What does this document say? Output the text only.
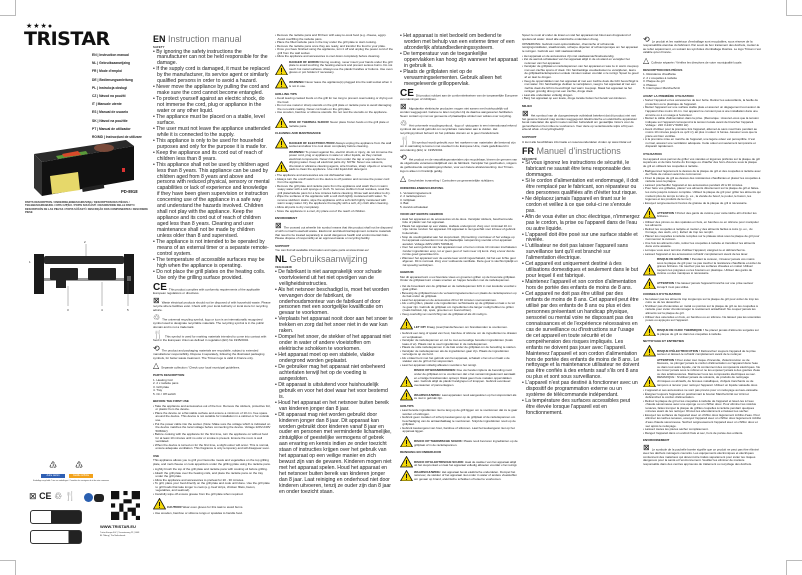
★★★●
TRISTAR
EN | Instruction manual
NL | Gebruiksaanwijzing
FR | Mode d'emploi
DE | Bedienungsanleitung
PL | Instrukcja obsługi
CZ | Návod na použití
IT | Manuale utente
ES | Manual de usuario
SK | Návod na použitie
PT | Manual de utilizador
RO/MD | Instrucțiuni de utilizare
PD-8918
PARTS DESCRIPTION / ONDERDELENBESCHRIJVING / DESCRIPTION DES PIÈCES / TEILEBESCHREIBUNG / OPIS CZĘŚCI / POPIS SOUČÁSTÍ / DESCRIZIONE DELLE PARTI / DESCRIPCIÓN DE LAS PIEZAS / POPIS SÚČASTÍ / DESCRIÇÃO DOS COMPONENTES / DESCRIERE PIESE
1
2
3	4	5
♳ ♳
Autre carton	Caddie & Boîte
Emballage recyclable. Triez vos emballages / Consultez les consignes de tri de votre commune
⊠ CE ♲ 🍴
WWW.TRISTAR.EU
Tristar Europe B.V. | Tramsteeweg 22 | 5048 BL Tilburg | The Netherlands
EN Instruction manual
SAFETY
• By ignoring the safety instructions the manufacturer can not be held responsible for the damage.
• If the supply cord is damaged, it must be replaced by the manufacturer, its service agent or similarly qualified persons in order to avoid a hazard.
• Never move the appliance by pulling the cord and make sure the cord cannot become entangled.
• To protect yourself against an electric shock, do not immerse the cord, plug or appliance in the water or any other liquid.
• The appliance must be placed on a stable, level surface.
• The user must not leave the appliance unattended while it is connected to the supply.
• This appliance is only to be used for household purposes and only for the purpose it is made for.
• Keep the appliance and its cord out of reach of children less than 8 years.
• This appliance shall not be used by children aged less than 8 years. This appliance can be used by children aged from 8 years and above and persons with reduced physical, sensory or mental capabilities or lack of experience and knowledge if they have been given supervision or instruction concerning use of the appliance in a safe way and understand the hazards involved. Children shall not play with the appliance. Keep the appliance and its cord out of reach of children aged less than 8 years. Cleaning and user maintenance shall not be made by children unless older than 8 and supervised.
• The appliance is not intended to be operated by means of an external timer or a separate remote-control system.
• The temperature of accessible surfaces may be high when the appliance is operating.
• Do not place the grill plates on the heating coils. Use only the grilling surface provided.
CE This product complies with conformity requirements of the applicable European regulations or directives.
⊠ Waste electrical products should not be disposed of with household waste. Please recycle where facilities exist. Check with your local Authority or local store for recycling advice.
♲ The universal recycling symbol, logo or icon is an internationally recognized symbol used to designate recyclable materials. The recycling symbol is in the public domain and is not a trademark.
🍴 This symbol is used for marking materials intended to come into contact with food in the European Union as defined in regulation (EC) No 1935/2004.
⟲ The product and packaging materials are recyclable, subject to extended manufacturer responsibility. Dispose it separately, following the illustrated packaging symbols, for better waste treatment. The Triman logo is valid in France only.
△ Separate collection / Check your local municipal guidelines.
PARTS DESCRIPTION
1. Heating Coil
2. 2 x raclette pans
3. Grill plate
4. Tray
5. On / Off switch
BEFORE THE FIRST USE
• Take the appliance and accessories out of the box. Remove the stickers, protective foil, or plastic from the device.
• Place the device on a flat stable surface and ensure a minimum of 10 cm. free space around the device. This device is not suitable for installation in a cabinet or for outside use.
• Put the power cable into the socket. (Note: Make sure the voltage which is indicated on the device matches the local voltage before connecting the device. Voltage 220V-240V 50/60Hz)
• Before cooking with the appliance for the first time, turn the appliance on without food for at least 10 minutes until no odor or smoke is present. Ensure the room is well ventilated.
• When the device is turned on for the first time, a slight odour will occur. This is normal, ensure adequate ventilation. This fragrance is only temporary and will disappear soon.
USE

This appliance allows you to grill your favourite meats and vegetables on the top grilling plate, and melt cheese or cook appetizers under the grilling plate using the raclette pans.

• Lightly brush the top of the grill plate and raclette pans with cooking oil before grilling.
• Attach the grill plate over the heating coils, and place the raclette pans on the tray under the grill plate.
• Allow the appliance and accessories to preheat for 20 - 30 minutes.
• To grill, place your food directly on the grill plate and cook until done. Use the grill plate to grill foods that take longer to cook (e.g. beef strips, chicken fillets, bacon, vegetables, and seafood).
• Carefully wipe off excess grease from the grill plate when required.
CAUTION! Wear oven gloves for this task to avoid burns.
• Use wooden, bamboo or silicone tongs or spatulas to handle food.
• Remove the raclette pans and fill them with easy-to-cook food (e.g. cheese, eggs). Avoid overfilling the raclette pans.
• Place the filled raclette pans in the tray under the grill plate to start cooking.
• Remove the raclette pans once they are ready, and transfer the food to your plate.
• Once you have finished using the appliance, turn it off and unplug the power cord of the grill from the wall socket.
• Allow the appliance and accessories to cool down completely before cleaning.
DANGER OF BURNS! During cooking, never insert your hands under the grill plate to avoid touching the heating element and prevent serious burns. Do not touch hot metal surfaces. Always use the plastic handles or buttons. Use oven gloves or pot holders if necessary.
WARNING! Never leave the appliance(s) plugged into the wall socket when it is not in use.
GRILLING TIPS
• Avoid leaving cooked foods on the grill for too long to prevent overcooking or drying out the food.
• Do not use metal or sharp utensils on the grill plate or raclette pans to avoid damaging the non-stick coating. Never cut foods on the grill plate.
• Use wooden, bamboo or silicone utensils. Do not rest the utensils on the appliance.
RISK OF THERMAL SHOCK! Never place frozen foods on the grill plate or raclette pans.
CLEANING AND MAINTENANCE
DANGER OF ELECTROCUTION! Always unplug the appliance from the wall socket and allow it to cool down completely before cleaning.
WARNING! To protect against fire, electric shock or injury, do not immerse the power cord, plug or appliance in water or other liquids, as they contain electrical components. Never rinse them under the tap or expose them to dripping water. Keep all electrical parts dry. NOTE: Never use solvents, chemical or abrasive cleaning agents, wire brushes, sharp objects or scouring pads to clean the appliance. Use mild liquid dish detergent.
• The appliance and accessories are not dishwasher safe.
• Always turn the on/off switch on the device to off position and remove the power cord from the appliance.
• Remove the grill plate and raclette pans from the appliance and wash them in warm soapy water with a soft sponge or cloth. To remove stubborn food residues, soak the grill plate/raclette pans for a few minutes before cleaning. Rinse well and allow to dry.
• Wipe the surfaces of the appliance with a soft cloth lightly moistened with water. To remove stubborn stains, wipe the appliance with a soft cloth lightly moistened with warm soapy water. Dry the appliance thoroughly with a soft, dry cloth after cleaning.
• Allow all parts to dry completely.
• Store the appliance in a cool, dry place out of the reach of children.
ENVIRONMENT
⊠ The crossed out wheelie bin symbol means that this product shall not be disposed of with normal household waste. Electronic and Electrical Equipment contains materials that need to be treated separately to avoid dangerous health and environmental risks. Please dispose of responsibly at an approved waste or recycling facility.
SUPPORT

You can find all available information and spare parts at www.tristar.eu!

NL Gebruiksaanwijzing
VEILIGHEID
• De fabrikant is niet aansprakelijk voor schade voortvloeiend uit het niet opvolgen van de veiligheidsinstructies.
• Als het netsnoer beschadigd is, moet het worden vervangen door de fabrikant, de onderhoudsmonteur van de fabrikant of door personen met een soortgelijke kwalificatie om gevaar te voorkomen.
• Verplaats het apparaat nooit door aan het snoer te trekken en zorg dat het snoer niet in de war kan raken.
• Dompel het snoer, de stekker of het apparaat niet onder in water of andere vloeistoffen om elektrische schokken te voorkomen.
• Het apparaat moet op een stabiele, vlakke ondergrond worden geplaatst.
• De gebruiker mag het apparaat niet onbeheerd achterlaten terwijl het op de voeding is aangesloten.
• Dit apparaat is uitsluitend voor huishoudelijk gebruik en voor het doel waar het voor bestemd is.
• Houd het apparaat en het netsnoer buiten bereik van kinderen jonger dan 8 jaar.
• Dit apparaat mag niet worden gebruikt door kinderen jonger dan 8 jaar. Dit apparaat kan worden gebruikt door kinderen vanaf 8 jaar en ouder en personen met verminderde lichamelijke, zintuiglijke of geestelijke vermogens of gebrek aan ervaring en kennis indien ze onder toezicht staan of instructies krijgen over het gebruik van het apparaat op een veilige manier en zich bewust zijn van de gevaren. Kinderen mogen niet met het apparaat spelen. Houd het apparaat en het netsnoer buiten bereik van kinderen jonger dan 8 jaar. Laat reiniging en onderhoud niet door kinderen uitvoeren, tenzij ze ouder zijn dan 8 jaar en onder toezicht staan.
• Het apparaat is niet bedoeld om bediend te worden met behulp van een externe timer of een afzonderlijk afstandbedieningssysteem.
• De temperatuur van de toegankelijke oppervlakken kan hoog zijn wanneer het apparaat in gebruik is.
• Plaats de grillplaten niet op de verwarmingselementen. Gebruik alleen het meegeleverde grilloppervlak.
CE Dit product voldoet aan de conformiteitseisen van de toepasselijke Europese verordeningen of richtlijnen.
⊠ Afgedankte elektrische producten mogen niet samen met huishoudelijk vuil worden weggegooid. Gelieve te laten recyclen bij de daartoe aangewezen faciliteiten. Neem contact op met uw gemeente of plaatselijke winkel voor advies over recycling.
♲ Het universele recyclingsymbool, -logo of -pictogram is een internationaal erkend symbool dat wordt gebruikt om recyclebare materialen aan te duiden. Het recyclingsymbool behoort tot het publieke domein en is geen handelsmerk.
🍴 Dit symbool wordt gebruikt voor het markeren van materialen die bestemd zijn om in aanraking te komen met voedsel in de Europese Unie, zoals gedefinieerd in verordening (EG) nr. 1935/2004.
⟲ Het product en de verpakkingsmaterialen zijn recyclebaar, binnen de grenzen van de uitgebreide verantwoordelijkheid van de fabrikant. Verwijder het gescheiden, volgens de geïllustreerde verpakkingssymbolen, voor een betere afvalverwerking. Het Triman-logo is alleen in Frankrijk geldig.
△ Gescheiden inzameling / Controleer uw gemeentelijke richtlijnen.
ONDERDELENBESCHRIJVING
1. Verwarmingselement
2. 2 raclettepannen
3. Grillplaat
4. Bak
5. Aan/uit-schakelaar
VOOR HET EERSTE GEBRUIK
• Haal het apparaat en de accessoires uit de doos. Verwijder stickers, beschermende folie of plastic van het apparaat.
• Plaats het apparaat op een vlakke, stabiele ondergrond. Zorg voor minimaal 10 cm vrije ruimte rondom het apparaat. Dit apparaat is niet geschikt voor inbouw of gebruik buitenshuis.
• Stop de voedingskabel aan het stopcontact. (Opmerking: controleer of het voltage op het apparaat overeenkomt met de plaatselijke netspanning voordat u het apparaat aansluit. Voltage 220V-240V 50/60Hz)
• Voor het eerst gebruik van het apparaat moet u het ten minste 10 minuten inschakelen zonder ingrediënten erop, tot er geen geur of rook meer vrij komt. Zorg ervoor dat de ruimte goed geventileerd is.
• Wanneer het apparaat voor de eerste keer wordt ingeschakeld, zal het een lichte geur afgeven. Dit is normaal. Zorg voor voldoende ventilatie. Deze geur is slechts tijdelijk en zal spoedig verdwijnen.
GEBRUIK

Met dit apparaat kunt u uw favoriete vlees en groenten grillen op de bovenste grillplaat. Onder de grillplaat kunt u kaas smelten en hapjes bereiden met de raclettepannen.

• Vet de bovenkant van de grillplaat en de raclettepannen licht in met kookolie voordat u gaat grillen.
• Bevestig de grillplaat boven de verwarmingselementen en plaats de raclettepannen op de bak onder de grillplaat.
• Laat het apparaat en de accessoires 20 tot 30 minuten voorverwarmen.
• Als u wilt grillen, plaatst u de ingrediënten rechtstreeks op de grillplaat en laat u ze tot ze gaar zijn. Gebruik de grillplaat om ingrediënten die langer nodig hebben te grillen (zoals biefstuk, kip, spek, groenten en zeevruchten).
• Veeg overtollig vet voorzichtig van de grillplaat af als dit nodig is.
LET OP! Draag (oven)handschoenen om brandwonden te voorkomen.
• Gebruik een tang of spatel van hout, bamboe of silicone om de ingrediënten te draaien en verplaatsen.
• Verwijder de raclettepannen en vul ze met eenvoudige bereiden ingrediënten (zoals kaas of ei). Plaats niet te veel ingrediënten in de raclettepannen.
• Plaats de volle raclettepannen in de bak onder de grillplaat om de bereiding te starten.
• Verwijder de raclettepannen als de ingrediënten gaar zijn. Plaats de ingrediënten vervolgens op uw bord.
• Als u klaar bent met het gebruik van het apparaat, schakelt u het uit en haalt u de stekker van de grill uit het stopcontact.
• Laat het apparaat volledig afkoelen voordat u het reinigt.
RISICO OP BRANDWONDEN: Doe uw handen tijdens de bereiding nooit onder de grillplaat om te voorkomen dat u het verwarmingselement aanraakt en ernstige brandwonden oploopt. Raak geen hete metalen oppervlakken aan. Gebruik altijd de plastic handgrepen of knoppen. Gebruik eventueel ovenwanten of pannenlappen.
WAARSCHUWING: Laat apparaten nooit aangesloten op het stopcontact als ze niet in gebruik zijn.
GRILTIPS
• Laat bereide ingrediënten niet te lang op de grill liggen om te voorkomen dat ze te gaar worden of uitdrogen.
• Gebruik geen metalen of scherp keukengerei op de grillplaat of de raclettepannen om beschadiging van de antiaanbaklaag te voorkomen. Snijd de ingrediënten nooit op de grillplaat.
• Gebruik keukengerei van hout, bamboe of siliconen. Laat het keukengerei niet op het apparaat liggen.
RISICO OP THERMISCHE SCHOK: Plaats nooit bevroren ingrediënten op de grillplaat of in de raclettepannen.
REINIGING EN ONDERHOUD
RISICO OP ELEKTRISCHE SCHOK: Haal de stekker van het apparaat altijd uit het stopcontact en laat het apparaat volledig afkoelen voordat u het reinigt.
WAARSCHUWING: Het apparaat bevat elektrische onderdelen. Dompel het netsnoer, de stekker of het apparaat niet onder in water of andere vloeistoffen om gevaar op brand, elektrische schokken of letsel te voorkomen.

Spoel ze nooit af onder de kraan en stel het apparaat niet bloot aan druppelend of spetterend water. Houd alle elektrische onderdelen droog.

OPMERKING: Gebruik nooit oplosmiddelen, chemische of schurende reinigingsmiddelen, staalborstels, scherpe objecten of schuursponsjes om het apparaat te reinigen. Gebruik een mild vaatwasmiddel.

• Het apparaat en de accessoires zijn niet vaatwasmachinebestendig.
• Zet de aan/uit-schakelaar van het apparaat altijd in de uit-stand en verwijder het netsnoer van het apparaat.
• Verwijder de grillplaat en raclettepannen van het apparaat en was ze in warm zeepsop met een zachte spons of doek. Om hardnekkige voedselresten te verwijderen, laat u de grillplaat/raclettepannen enkele minuten weken voordat u ze reinigt. Spoel ze goed af en laat ze drogen.
• Veeg de oppervlakken van het apparaat af met een zachte doek die licht bevochtigd is met water. Om hardnekkige vlekken te verwijderen, veegt u het apparaat af met een zachte doek die licht is bevochtigd met warm zeepsop. Maak het apparaat na het reinigen grondig droog met een zachte, droge doek.
• Laat alle onderdelen volledig drogen.
• Berg het apparaat op een koele, droge locatie buiten het bereik van kinderen.
MILIEU
⊠ Het symbool van de doorgestreepte vuilnisbak betekent dat dit product niet met het gewone huisvuil mag worden weggegooid. Elektronische en elektrische apparatuur bevat materialen die apart moeten worden behandeld om gevaarlijke risico's voor de gezondheid en het milieu te voorkomen. Voer deze op verantwoorde wijze af bij een erkend afval- of recyclingbedrijf.
SUPPORT

U kunt alle beschikbare informatie en reserveonderdelen vinden op www.tristar.eu!

FR Manuel d'instructions
SÉCURITÉ
• Si vous ignorez les instructions de sécurité, le fabricant ne saurait être tenu responsable des dommages.
• Si le cordon d'alimentation est endommagé, il doit être remplacé par le fabricant, son réparateur ou des personnes qualifiées afin d'éviter tout risque.
• Ne déplacez jamais l'appareil en tirant sur le cordon et veillez à ce que celui-ci ne s'enroule pas.
• Afin de vous éviter un choc électrique, n'immergez pas le cordon, la prise ou l'appareil dans de l'eau ou autre liquide.
• L'appareil doit être posé sur une surface stable et nivelée.
• L'utilisateur ne doit pas laisser l'appareil sans surveillance tant qu'il est branché sur l'alimentation électrique.
• Cet appareil est uniquement destiné à des utilisations domestiques et seulement dans le but pour lequel il est fabriqué.
• Maintenez l'appareil et son cordon d'alimentation hors de portée des enfants de moins de 8 ans.
• Cet appareil ne doit pas être utilisé par des enfants de moins de 8 ans. Cet appareil peut être utilisé par des enfants de 8 ans ou plus et des personnes présentant un handicap physique, sensoriel ou mental voire ne disposant pas des connaissances et de l'expérience nécessaires en cas de surveillance ou d'instructions sur l'usage de cet appareil en toute sécurité et de compréhension des risques impliqués. Les enfants ne doivent pas jouer avec l'appareil. Maintenez l'appareil et son cordon d'alimentation hors de portée des enfants de moins de 8 ans. Le nettoyage et la maintenance utilisateur ne doivent pas être confiés à des enfants sauf s'ils ont 8 ans ou plus et sont sous surveillance.
• L'appareil n'est pas destiné à fonctionner avec un dispositif de programmation externe ou un système de télécommande indépendant.
• La température des surfaces accessibles peut être élevée lorsque l'appareil est en fonctionnement.
⟲ Le produit et les matériaux d'emballage sont recyclables, sous réserve de la responsabilité étendue du fabricant. Par souci de bon traitement des déchets, mettez-le au rebut séparément, en suivant les symboles d'emballage illustrés. Le logo Triman n'est valable qu'en France.
△ Collecte séparée / Vérifiez les directives de votre municipalité locale.
DESCRIPTION DES PIÈCES
1. Résistance chauffante
2. 2 x coupelles à raclette
3. Plaque de gril
4. Plateau
5. Interrupteur Marche/Arrêt
AVANT LA PREMIÈRE UTILISATION
• Sortez l'appareil et les accessoires de leur boîte. Retirez les autocollants, la feuille de protection ou le plastique de l'appareil.
• Mettez l'appareil sur une surface stable plate et assurez un dégagement tout autour de l'appareil d'au moins 10 cm. Cet appareil ne convient pas à une installation dans une armoire ou à un usage à l'extérieur.
• Mettez le câble d'alimentation dans la prise. (Remarque : Assurez-vous que la tension indiquée sur l'appareil correspond à la tension locale avant de brancher l'appareil. Voltage : 220 V-240 V 50/60 Hz)
• Avant d'utiliser pour la première fois l'appareil, allumez-le sans nourriture pendant au moins 10 minutes jusqu'à ce qu'il n'y ait plus ni odeur ni fumée. Assurez-vous que la pièce est bien ventilée.
• À la première mise en marche de l'appareil, une légère odeur est perceptible. C'est normal, assurez une ventilation adéquate. Cette odeur est seulement temporaire et disparaît rapidement.
UTILISATION

Cet appareil vous permet de griller vos viandes et légumes préférés sur la plaque de gril supérieure et de faire fondre du fromage ou chauffer des hors-d'œuvre sous la plaque de gril en utilisant les coupelles à raclette.

• Badigeonnez légèrement le dessus de la plaque de gril et des coupelles à raclette avec de l'huile de cuisson avant de commencer.
• Fixez la plaque de gril au-dessus des résistances chauffantes et placez les coupelles à raclette sous la plaque.
• Laissez préchauffer l'appareil et les accessoires pendant 20 à 30 minutes.
• Pour faire vos grillades, placez vos aliments directement sur la plaque de gril et faites-les cuire jusqu'à cuisson complète. Utilisez la plaque de gril pour griller les aliments qui mettent plus de temps à cuire (p. ex., la viande de bœuf, le poulet, le bacon, les légumes et les produits de la mer).
• Essuyez soigneusement l'excès de graisse de la plaque de gril si nécessaire.
ATTENTION ! Portez des gants de cuisine pour cette tâche afin d'éviter les brûlures.
• Utilisez des pinces ou des spatules en bois, en bambou ou en silicone pour manipuler les aliments.
• Retirez les coupelles à raclette et mettez-y des aliments faciles à cuire (p. ex., du fromage, des œufs, etc.). Évitez de trop les remplir.
• Placez les coupelles à raclette remplies sur le plateau situé sous la plaque de gril pour commencer la cuisson.
• Une fois les aliments cuits, retirez les coupelles à raclette et transférez les aliments dans votre assiette.
• Lorsque vous avez terminé d'utiliser l'appareil, éteignez-le et débranchez-le.
• Laissez l'appareil et les accessoires refroidir complètement avant de les laver.
RISQUE DE BRÛLURE ! Pendant la cuisson, n'insérez jamais vos mains sous la plaque de gril pour ne pas toucher la résistance chauffante et éviter de graves brûlures. Ne touchez pas les surfaces chaudes en métal. Utilisez toujours les poignées ou les boutons en plastique. Utilisez des gants de cuisine ou des maniques si nécessaire.
ATTENTION ! Ne laissez jamais l'appareil branché sur une prise secteur lorsqu'il n'est pas utilisé.
CONSEILS D'UTILISATION
• Ne laissez pas les aliments trop longtemps sur la plaque de gril pour éviter de trop les cuire ou de les dessécher.
• N'utilisez pas d'ustensiles en métal ou pointus sur la plaque de gril ou les coupelles à raclette pour éviter d'endommager le revêtement antiadhésif. Ne coupez jamais les aliments sur la plaque de gril.
• Utilisez des ustensiles en bois, en bambou ou en silicone. Ne laissez pas les ustensiles posés ou appuyés sur l'appareil.
RISQUE DE CHOC THERMIQUE ! Ne placez jamais d'aliments surgelés sur la plaque de gril ou dans les coupelles à raclette.
NETTOYAGE ET ENTRETIEN
RISQUE D'ÉLECTROCUTION ! Débranchez toujours l'appareil de la prise secteur et laissez-le refroidir complètement avant de le nettoyer.
ATTENTION ! Pour éviter tout risque d'incendie, d'électrocution ou de blessure, ne plongez jamais le cordon d'alimentation ou l'appareil dans l'eau ou dans tout autre liquide, car ils contiennent des composants électriques. Ne les rincez jamais sous le robinet et ne les exposez jamais à des gouttes d'eau ou des éclaboussures. Maintenez tous les composants électriques au sec. REMARQUE : N'utilisez jamais de solvants, de produits de nettoyage chimiques ou abrasifs, de brosses métalliques, d'objets tranchants ou de tampons à récurer pour nettoyer l'appareil. Utilisez un liquide vaisselle doux.
• L'appareil et ses accessoires ne sont pas prévus pour un nettoyage au lave-vaisselle.
• Éteignez toujours l'appareil en positionnant le bouton Marche/Arrêt sur Arrêt et débranchez le cordon d'alimentation.
• Retirez la plaque de gril et les coupelles à raclette de l'appareil et lavez-les à l'eau chaude savonneuse avec une éponge ou un chiffon doux. Pour éliminer les résidus tenaces, faites tremper la plaque de gril/les coupelles à raclette pendant quelques minutes avant de les nettoyer. Rincez-les abondamment et laissez-les sécher.
• Essuyez les surfaces de l'appareil avec un chiffon doux légèrement imbibé d'eau. Pour éliminer les taches tenaces, essuyez l'appareil avec un chiffon doux légèrement imbibé d'eau chaude savonneuse. Séchez soigneusement l'appareil avec un chiffon doux et sec après le nettoyage.
• Laissez toutes les pièces sécher complètement.
• Rangez l'appareil dans un endroit frais et sec, hors de portée des enfants.
ENVIRONNEMENT
⊠ Le symbole de la poubelle barrée signifie que ce produit ne peut pas être éliminé avec les déchets ménagers courants. Les équipements électroniques et électriques contiennent des matériaux qui doivent être traités séparément pour éviter les risques dangereux pour la santé et l'environnement. Veuillez les éliminer de manière responsable dans des centres approuvés de traitement ou recyclage des déchets.
